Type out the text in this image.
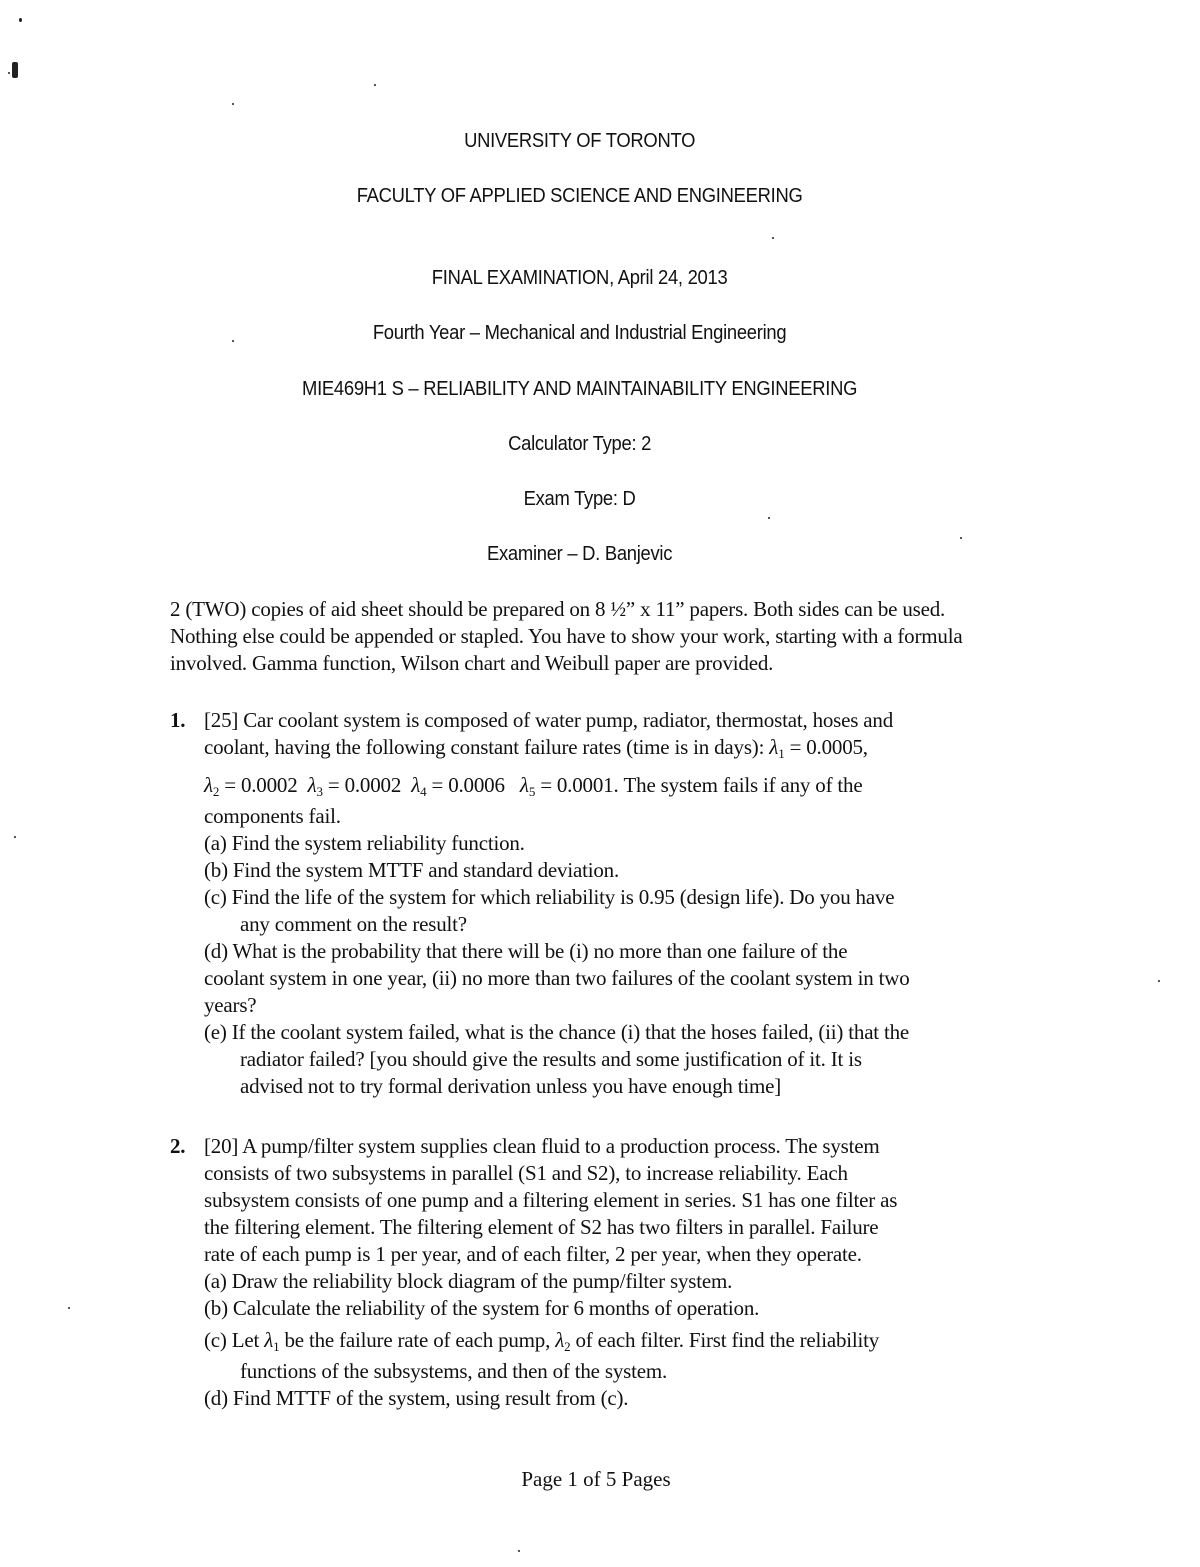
UNIVERSITY OF TORONTO
FACULTY OF APPLIED SCIENCE AND ENGINEERING
FINAL EXAMINATION, April 24, 2013
Fourth Year – Mechanical and Industrial Engineering
MIE469H1 S – RELIABILITY AND MAINTAINABILITY ENGINEERING
Calculator Type: 2
Exam Type: D
Examiner – D. Banjevic
2 (TWO) copies of aid sheet should be prepared on 8 ½” x 11” papers. Both sides can be used.
Nothing else could be appended or stapled. You have to show your work, starting with a formula
involved. Gamma function, Wilson chart and Weibull paper are provided.
1. [25] Car coolant system is composed of water pump, radiator, thermostat, hoses and
coolant, having the following constant failure rates (time is in days): $\lambda_1 = 0.0005$,
$\lambda_2 = 0.0002$ $\lambda_3 = 0.0002$ $\lambda_4 = 0.0006$ $\lambda_5 = 0.0001$. The system fails if any of the
components fail.
(a) Find the system reliability function.
(b) Find the system MTTF and standard deviation.
(c) Find the life of the system for which reliability is 0.95 (design life). Do you have
any comment on the result?
(d) What is the probability that there will be (i) no more than one failure of the
coolant system in one year, (ii) no more than two failures of the coolant system in two
years?
(e) If the coolant system failed, what is the chance (i) that the hoses failed, (ii) that the
radiator failed? [you should give the results and some justification of it. It is
advised not to try formal derivation unless you have enough time]
2. [20] A pump/filter system supplies clean fluid to a production process. The system
consists of two subsystems in parallel (S1 and S2), to increase reliability. Each
subsystem consists of one pump and a filtering element in series. S1 has one filter as
the filtering element. The filtering element of S2 has two filters in parallel. Failure
rate of each pump is 1 per year, and of each filter, 2 per year, when they operate.
(a) Draw the reliability block diagram of the pump/filter system.
(b) Calculate the reliability of the system for 6 months of operation.
(c) Let $\lambda_1$ be the failure rate of each pump, $\lambda_2$ of each filter. First find the reliability
functions of the subsystems, and then of the system.
(d) Find MTTF of the system, using result from (c).
Page 1 of 5 Pages
